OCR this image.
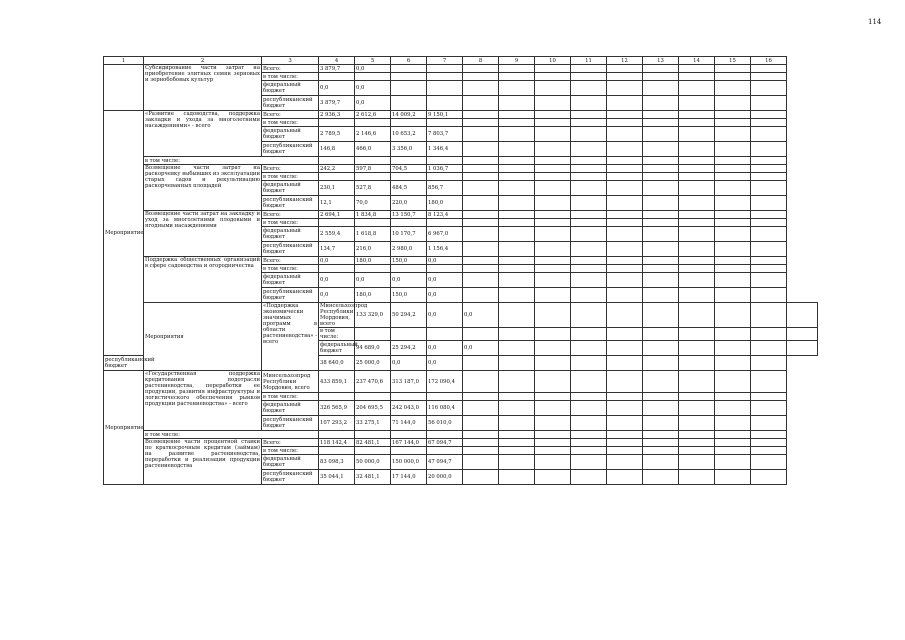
114
1	2	3	4	5	6	7	8	9	10	11	12	13	14	15	16	
	Субсидирование части затрат на приобретение элитных семян зерновых и зернобобовых культур	Всего:	3 879,7	0,0												
		в том числе:														
		федеральный бюджет	0,0	0,0												
		республиканский бюджет	3 879,7	0,0												
Мероприятие	«Развитие садоводства, поддержка закладки и ухода за многолетними насаждениями» - всего	Всего:	2 936,3	2 612,6	14 009,2	9 150,1										
		в том числе:														
		федеральный бюджет	2 789,5	2 146,6	10 653,2	7 803,7										
		республиканский бюджет	146,8	466,0	3 356,0	1 346,4										
	в том числе:															
	Возмещение части затрат на раскорчевку выбывших из эксплуатации старых садов и рекультивацию раскорчеванных площадей	Всего:	242,2	597,8	704,5	1 036,7										
		в том числе:														
		федеральный бюджет	230,1	527,8	484,5	856,7										
		республиканский бюджет	12,1	70,0	220,0	180,0										
	Возмещение части затрат на закладку и уход за многолетними плодовыми и ягодными насаждениями	Всего:	2 694,1	1 834,8	13 150,7	8 123,4										
		в том числе:														
		федеральный бюджет	2 559,4	1 618,8	10 170,7	6 967,0										
		республиканский бюджет	134,7	216,0	2 980,0	1 156,4										
	Поддержка общественных организаций в сфере садоводства и огородничества	Всего:	0,0	180,0	150,0	0,0										
		в том числе:														
		федеральный бюджет	0,0	0,0	0,0	0,0										
		республиканский бюджет	0,0	180,0	150,0	0,0										
	Мероприятия	«Поддержка экономически значимых программ в области растениеводства» - всего	Минсельхозпрод Республики Мордовия, всего	133 329,0	50 294,2	0,0	0,0									
			в том числе:													
			федеральный бюджет	94 689,0	25 294,2	0,0	0,0									
республиканский бюджет			38 640,0	25 000,0	0,0	0,0										
Мероприятие	«Государственная поддержка кредитования подотрасли растениеводства, переработки ее продукции, развития инфраструктуры и логистического обеспечения рынков продукции растениеводства» - всего	Минсельхозпрод Республики Мордовия, всего	433 859,1	237 470,6	313 187,0	172 090,4										
		в том числе:														
		федеральный бюджет	326 565,9	204 695,5	242 043,0	116 080,4										
		республиканский бюджет	107 293,2	33 275,1	71 144,0	56 010,0										
	в том числе:															
	Возмещение части процентной ставки по краткосрочным кредитам (займам) на развитие растениеводства, переработки и реализации продукции растениеводства	Всего:	118 142,4	82 481,1	167 144,0	67 094,7										
		в том числе:														
		федеральный бюджет	83 098,3	50 000,0	150 000,0	47 094,7										
		республиканский бюджет	35 044,1	32 481,1	17 144,0	20 000,0										
